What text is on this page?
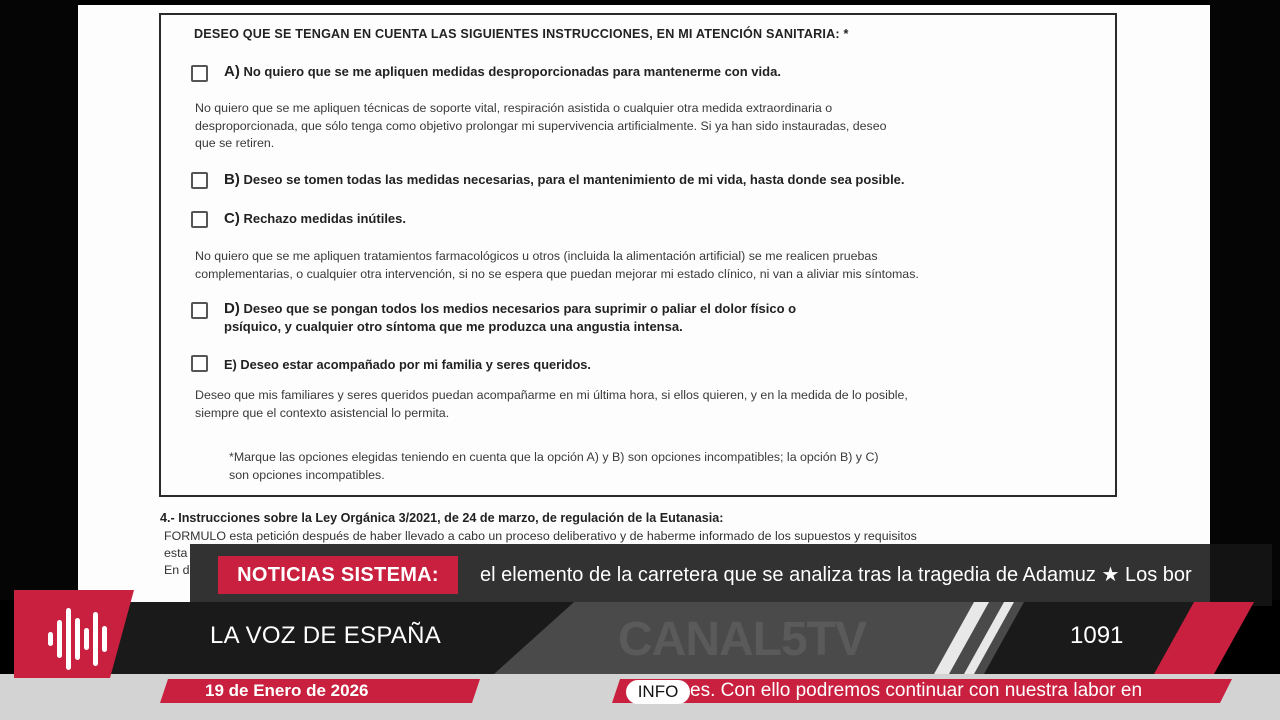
DESEO QUE SE TENGAN EN CUENTA LAS SIGUIENTES INSTRUCCIONES, EN MI ATENCIÓN SANITARIA: *
A) No quiero que se me apliquen medidas desproporcionadas para mantenerme con vida.
No quiero que se me apliquen técnicas de soporte vital, respiración asistida o cualquier otra medida extraordinaria o
desproporcionada, que sólo tenga como objetivo prolongar mi supervivencia artificialmente. Si ya han sido instauradas, deseo
que se retiren.
B) Deseo se tomen todas las medidas necesarias, para el mantenimiento de mi vida, hasta donde sea posible.
C) Rechazo medidas inútiles.
No quiero que se me apliquen tratamientos farmacológicos u otros (incluida la alimentación artificial) se me realicen pruebas
complementarias, o cualquier otra intervención, si no se espera que puedan mejorar mi estado clínico, ni van a aliviar mis síntomas.
D) Deseo que se pongan todos los medios necesarios para suprimir o paliar el dolor físico o
psíquico, y cualquier otro síntoma que me produzca una angustia intensa.
E) Deseo estar acompañado por mi familia y seres queridos.
Deseo que mis familiares y seres queridos puedan acompañarme en mi última hora, si ellos quieren, y en la medida de lo posible,
siempre que el contexto asistencial lo permita.
*Marque las opciones elegidas teniendo en cuenta que la opción A) y B) son opciones incompatibles; la opción B) y C)
son opciones incompatibles.
4.- Instrucciones sobre la Ley Orgánica 3/2021, de 24 de marzo, de regulación de la Eutanasia:
FORMULO esta petición después de haber llevado a cabo un proceso deliberativo y de haberme informado de los supuestos y requisitos
esta
En d	NOTICIAS SISTEMA:	el elemento de la carretera que se analiza tras la tragedia de Adamuz ★ Los bor
LA VOZ DE ESPAÑA	CANAL5TV	1091
19 de Enero de 2026	INFO es. Con ello podremos continuar con nuestra labor en
